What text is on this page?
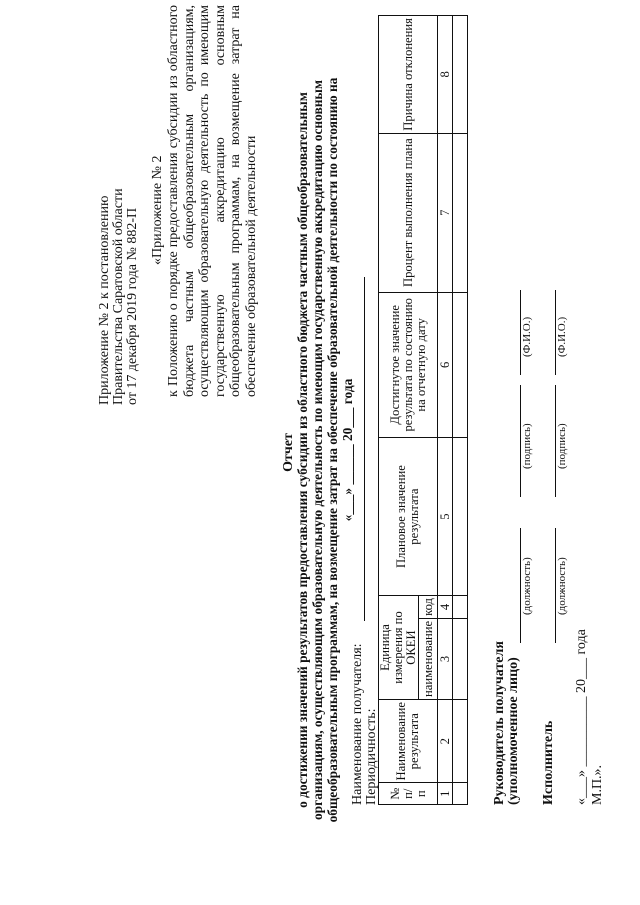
Приложение № 2 к постановлению Правительства Саратовской области от 17 декабря 2019 года № 882-П «Приложение № 2 к Положению о порядке предоставления субсидии из областного бюджета частным общеобразовательным организациям, осуществляющим образовательную деятельность по имеющим государственную аккредитацию основным общеобразовательным программам, на возмещение затрат на обеспечение образовательной деятельности
Отчет о достижении значений результатов предоставления субсидии из областного бюджета частным общеобразовательным организациям, осуществляющим образовательную деятельность по имеющим государственную аккредитацию основным общеобразовательным программам, на возмещение затрат на обеспечение образовательной деятельности по состоянию на «___» ______ 20___ года
Наименование получателя: Периодичность: № п/п	Наименование результата	Единица измерения по ОКЕИ		Плановое значение результата	Достигнутое значение результата по состоянию на отчетную дату	Процент выполнения плана	Причина отклонения
		наименование	код				
1	2	3	4	5	6	7	8

Руководитель получателя (уполномоченное лицо)
(должность)
(подпись)
(Ф.И.О.)
Исполнитель
(должность)
(подпись)
(Ф.И.О.)
«___» __________ 20___ года М.П.».
